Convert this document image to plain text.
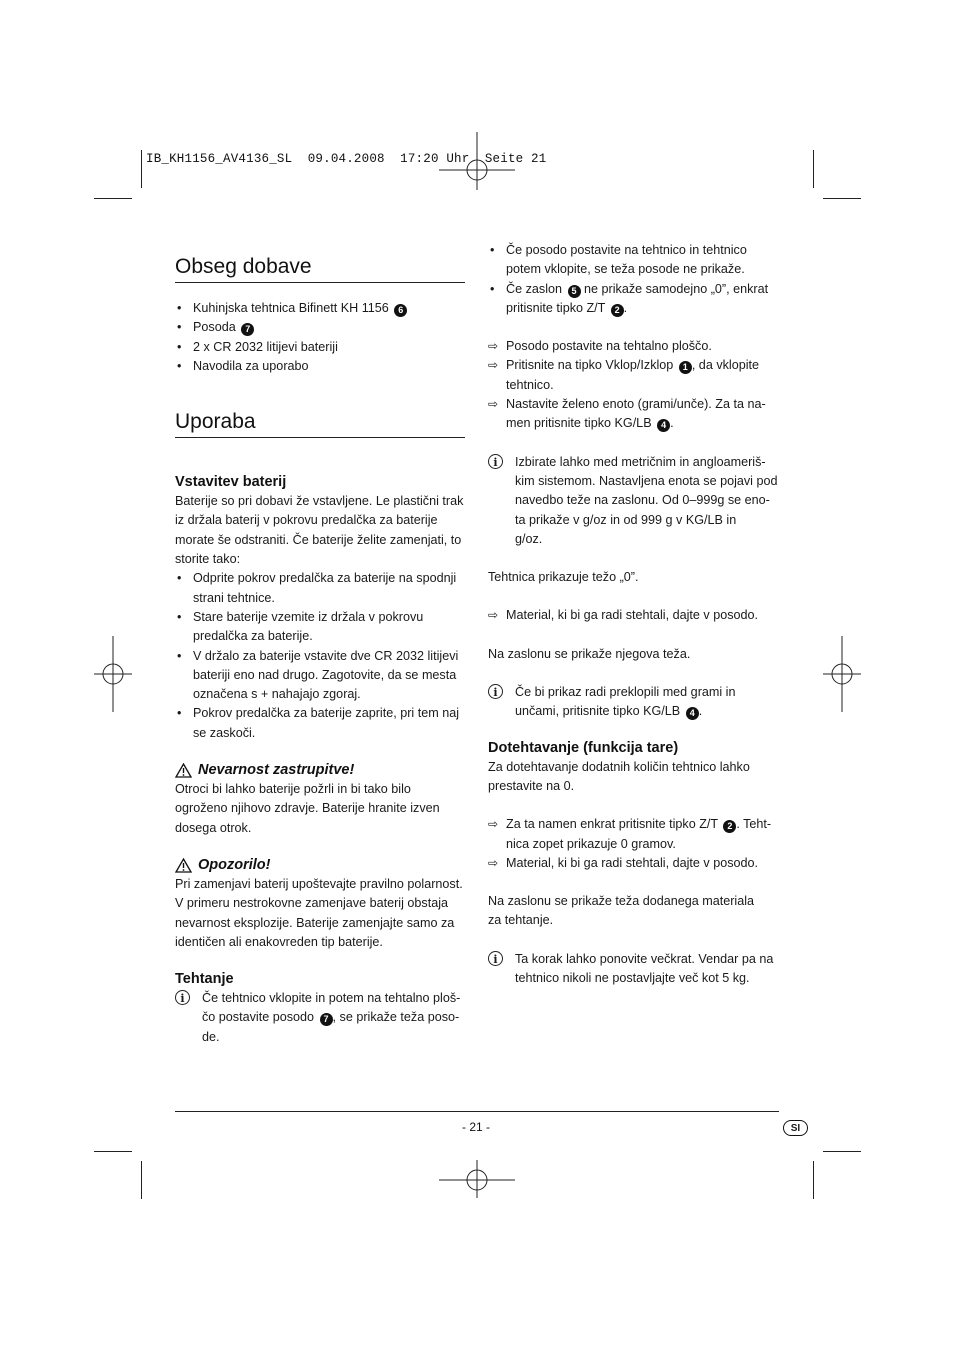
IB_KH1156_AV4136_SL  09.04.2008  17:20 Uhr  Seite 21
Obseg dobave
• Kuhinjska tehtnica Bifinett KH 1156 6
• Posoda 7
• 2 x CR 2032 litijevi bateriji
• Navodila za uporabo
Uporaba
Vstavitev baterij
Baterije so pri dobavi že vstavljene. Le plastični trak
iz držala baterij v pokrovu predalčka za baterije
morate še odstraniti. Če baterije želite zamenjati, to
storite tako:
• Odprite pokrov predalčka za baterije na spodnji
strani tehtnice.
• Stare baterije vzemite iz držala v pokrovu
predalčka za baterije.
• V držalo za baterije vstavite dve CR 2032 litijevi
bateriji eno nad drugo. Zagotovite, da se mesta
označena s + nahajajo zgoraj.
• Pokrov predalčka za baterije zaprite, pri tem naj
se zaskoči.
Nevarnost zastrupitve!
Otroci bi lahko baterije požrli in bi tako bilo
ogroženo njihovo zdravje. Baterije hranite izven
dosega otrok.
Opozorilo!
Pri zamenjavi baterij upoštevajte pravilno polarnost.
V primeru nestrokovne zamenjave baterij obstaja
nevarnost eksplozije. Baterije zamenjajte samo za
identičen ali enakovreden tip baterije.
Tehtanje
i	Če tehtnico vklopite in potem na tehtalno ploš-
čo postavite posodo 7 , se prikaže teža poso-
de.
• Če posodo postavite na tehtnico in tehtnico
potem vklopite, se teža posode ne prikaže.
• Če zaslon 5 ne prikaže samodejno „0”, enkrat
pritisnite tipko Z/T 2 .
⇨ Posodo postavite na tehtalno ploščo.
⇨ Pritisnite na tipko Vklop/Izklop 1 , da vklopite
tehtnico.
⇨ Nastavite želeno enoto (grami/unče). Za ta na-
men pritisnite tipko KG/LB 4 .
i	Izbirate lahko med metričnim in angloameriš-
kim sistemom. Nastavljena enota se pojavi pod
navedbo teže na zaslonu. Od 0–999g se eno-
ta prikaže v g/oz in od 999 g v KG/LB in
g/oz.
Tehtnica prikazuje težo „0”.
⇨ Material, ki bi ga radi stehtali, dajte v posodo.
Na zaslonu se prikaže njegova teža.
i	Če bi prikaz radi preklopili med grami in
unčami, pritisnite tipko KG/LB 4 .
Dotehtavanje (funkcija tare)
Za dotehtavanje dodatnih količin tehtnico lahko
prestavite na 0.
⇨ Za ta namen enkrat pritisnite tipko Z/T 2 . Teht-
nica zopet prikazuje 0 gramov.
⇨ Material, ki bi ga radi stehtali, dajte v posodo.
Na zaslonu se prikaže teža dodanega materiala
za tehtanje.
i	Ta korak lahko ponovite večkrat. Vendar pa na
tehtnico nikoli ne postavljajte več kot 5 kg.
- 21 -	SI
